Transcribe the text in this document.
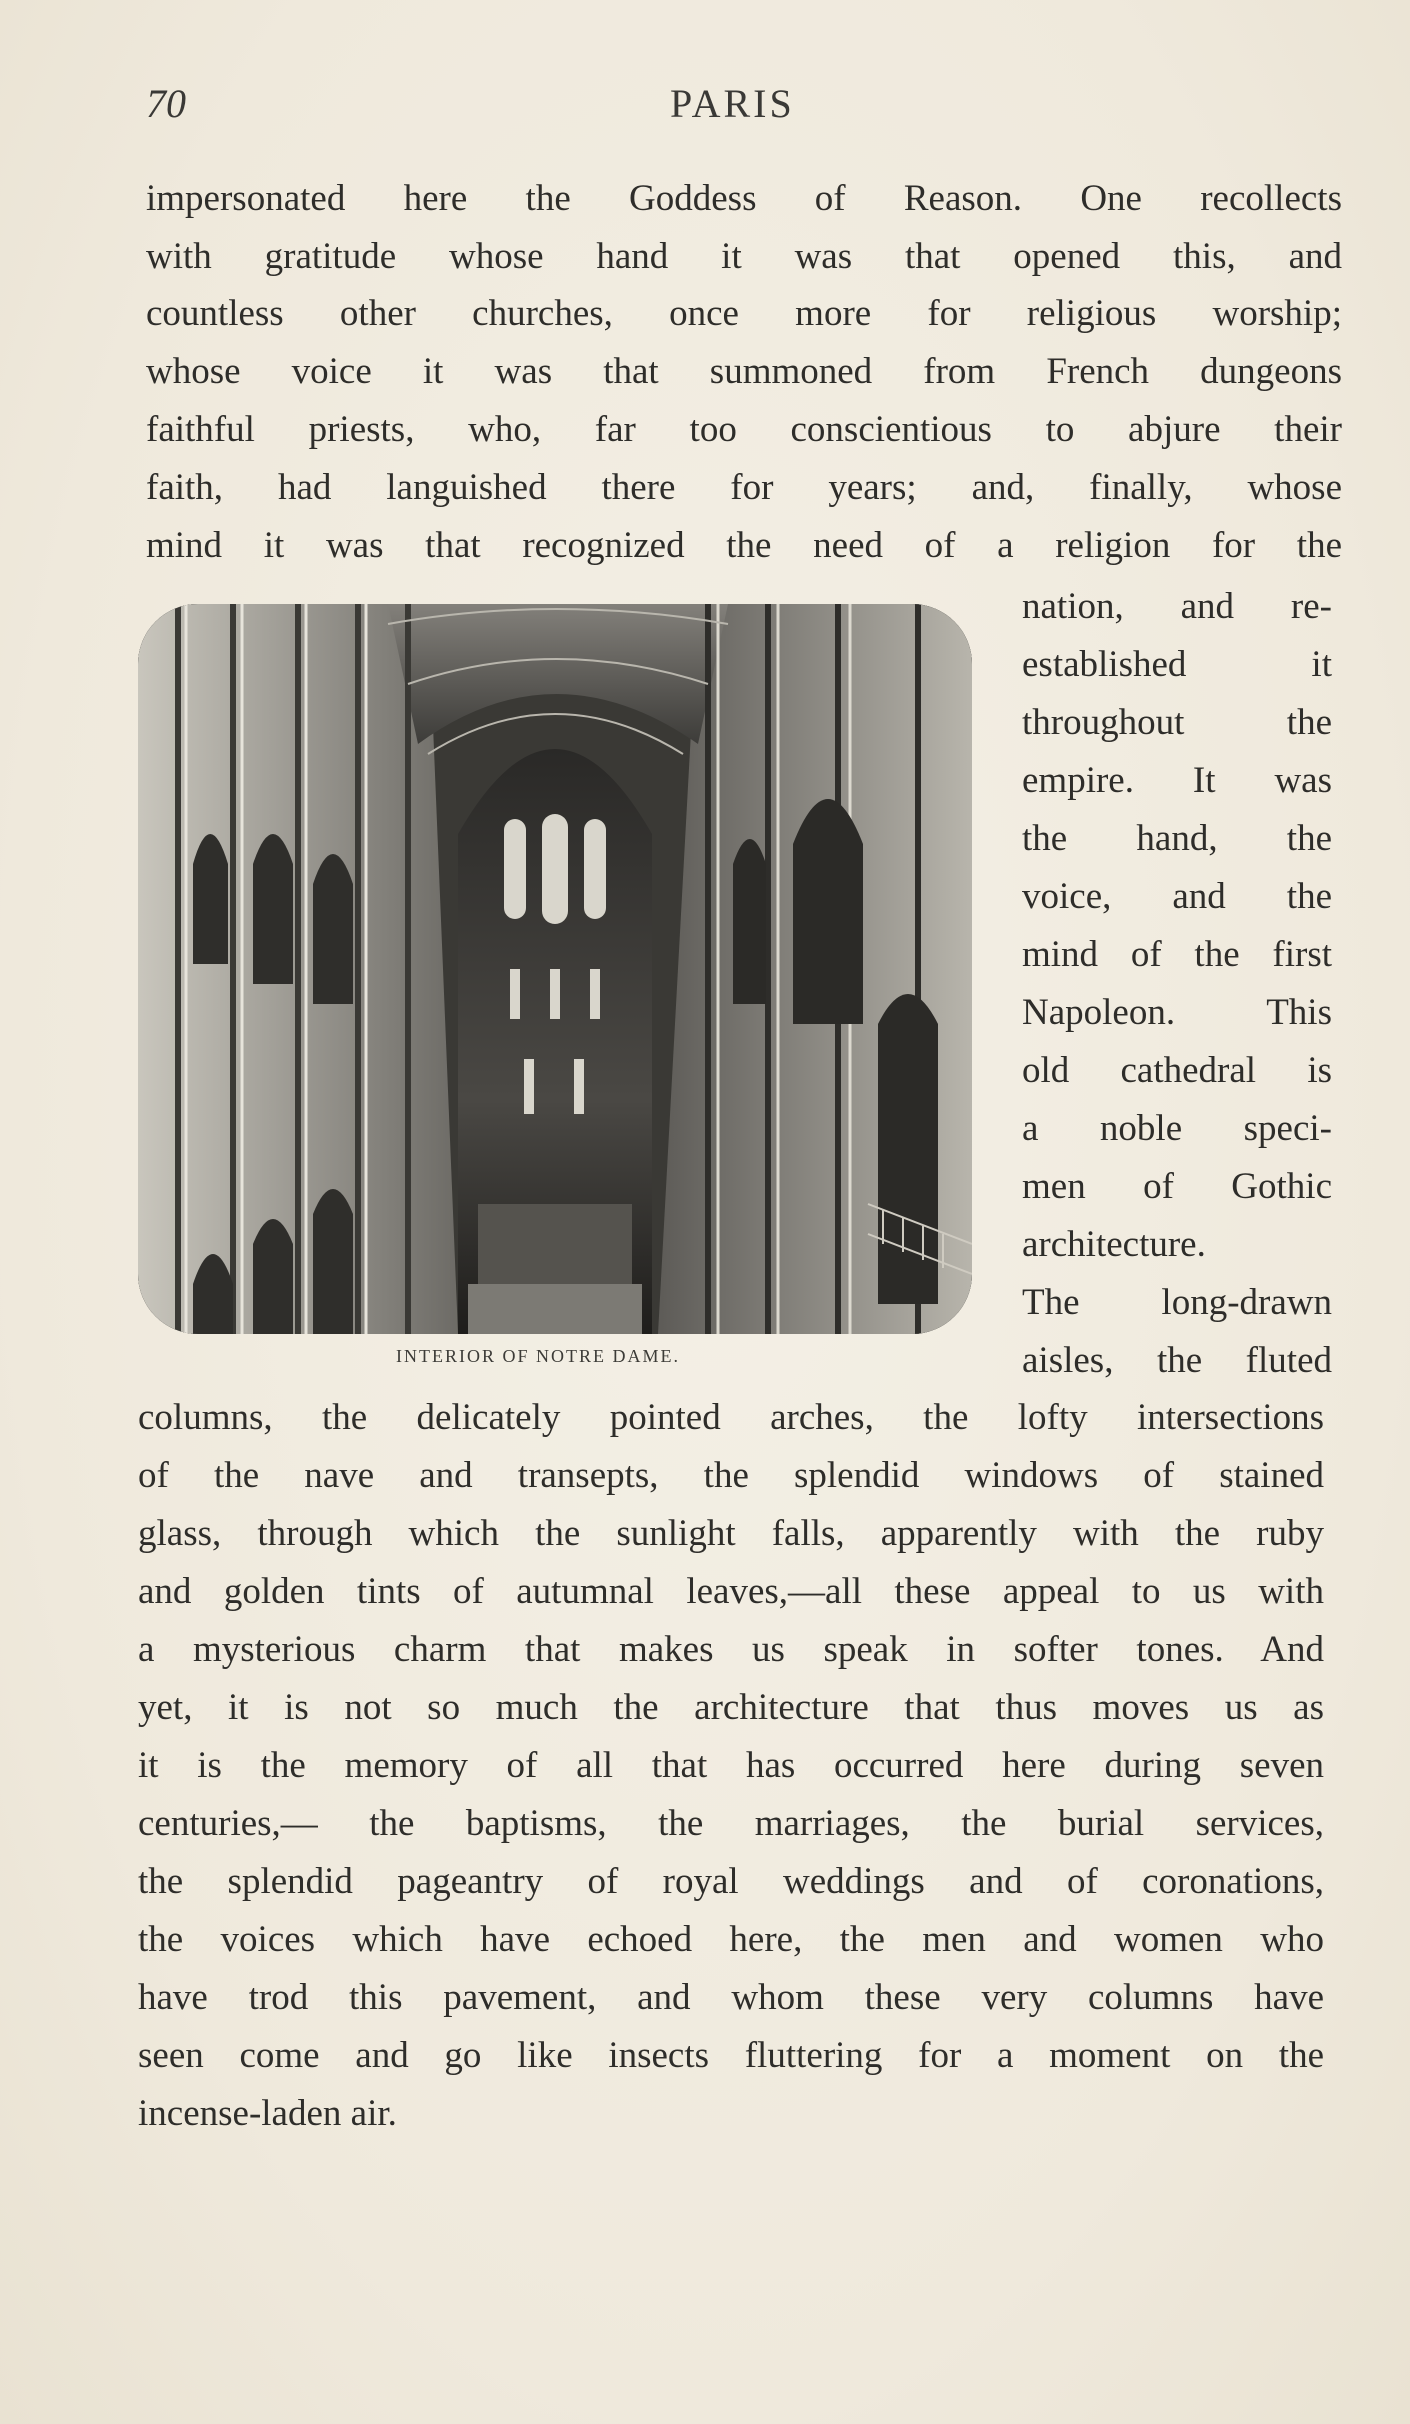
70	PARIS
impersonated here the Goddess of Reason. One recollects
with gratitude whose hand it was that opened this, and
countless other churches, once more for religious worship;
whose voice it was that summoned from French dungeons
faithful priests, who, far too conscientious to abjure their
faith, had languished there for years; and, finally, whose
mind it was that recognized the need of a religion for the
nation, and re-
established it
throughout the
empire. It was
the hand, the
voice, and the
mind of the first
Napoleon. This
old cathedral is
a noble speci-
men of Gothic
architecture.
The long-drawn
aisles, the fluted
INTERIOR OF NOTRE DAME.
columns, the delicately pointed arches, the lofty intersections
of the nave and transepts, the splendid windows of stained
glass, through which the sunlight falls, apparently with the ruby
and golden tints of autumnal leaves,—all these appeal to us with
a mysterious charm that makes us speak in softer tones. And
yet, it is not so much the architecture that thus moves us as
it is the memory of all that has occurred here during seven
centuries,— the baptisms, the marriages, the burial services,
the splendid pageantry of royal weddings and of coronations,
the voices which have echoed here, the men and women who
have trod this pavement, and whom these very columns have
seen come and go like insects fluttering for a moment on the
incense-laden air.
